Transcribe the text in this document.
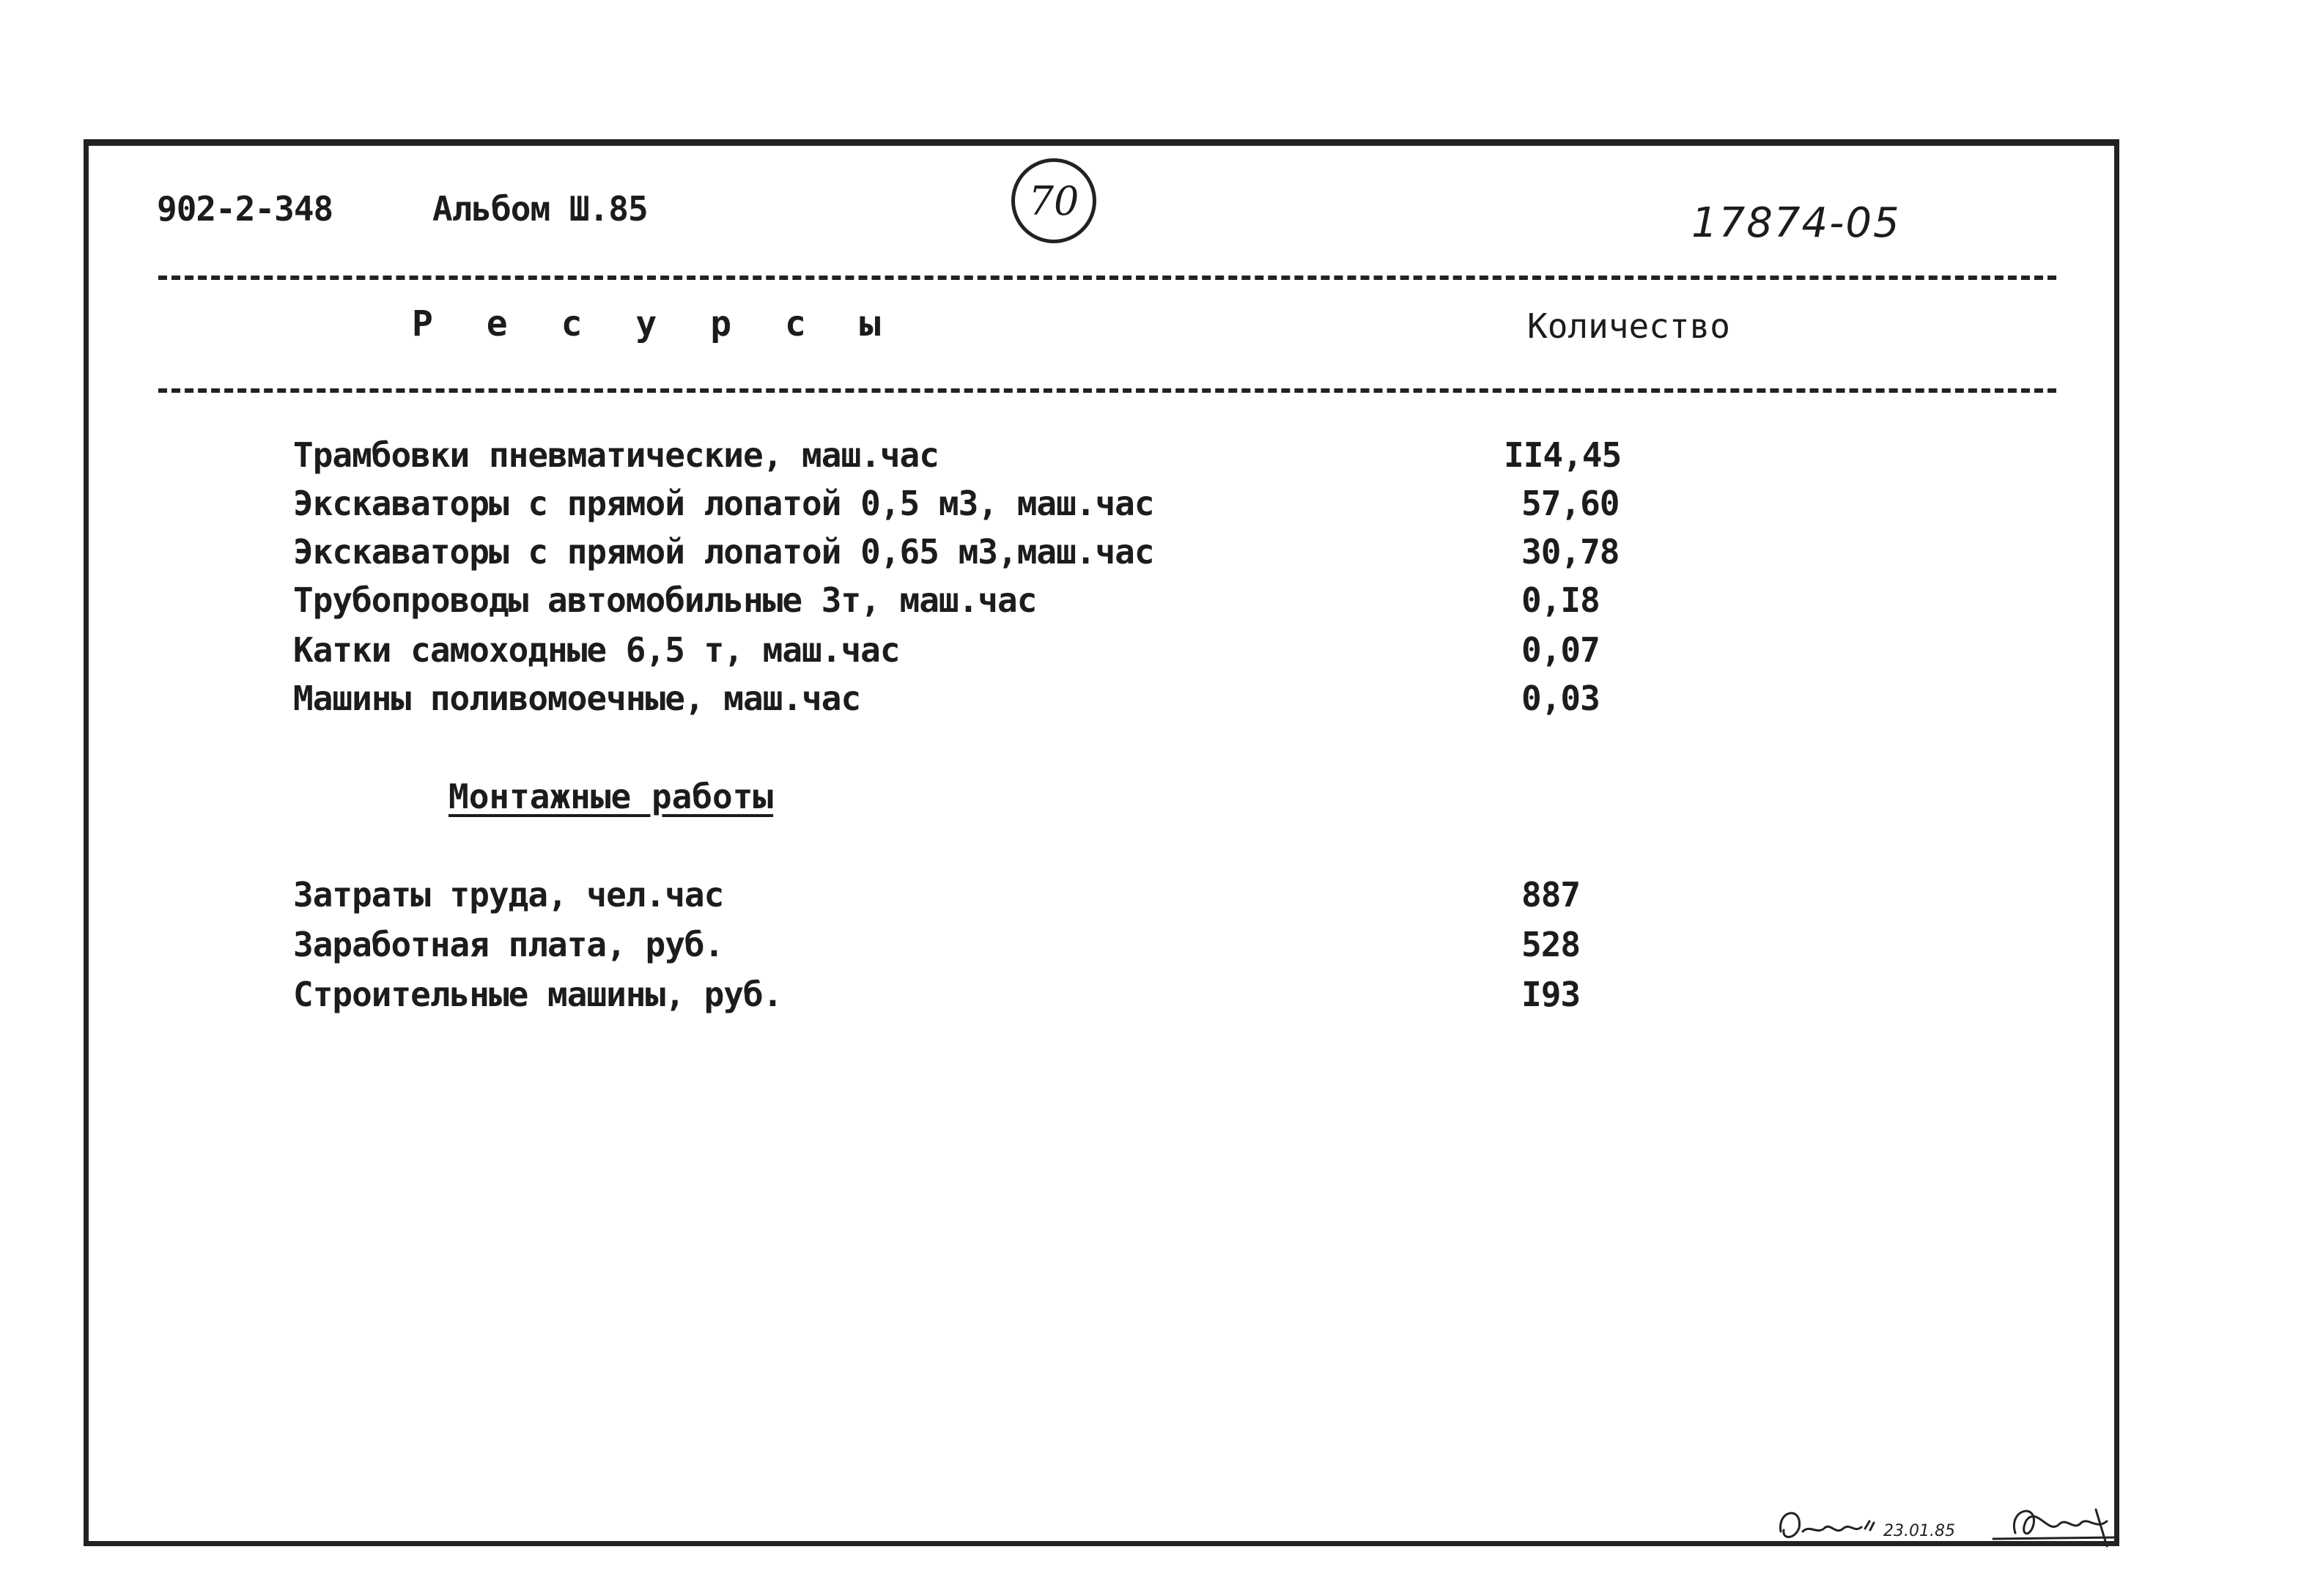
902-2-348	Альбом Ш.85	70	17874-05
Р е с у р с ы	Количество
Трамбовки пневматические, маш.час	II4,45
Экскаваторы с прямой лопатой 0,5 м3, маш.час	57,60
Экскаваторы с прямой лопатой 0,65 м3,маш.час	30,78
Трубопроводы автомобильные 3т, маш.час	0,I8
Катки самоходные 6,5 т, маш.час	0,07
Машины поливомоечные, маш.час	0,03
Монтажные работы
Затраты труда, чел.час	887
Заработная плата, руб.	528
Строительные машины, руб.	I93
23.01.85
